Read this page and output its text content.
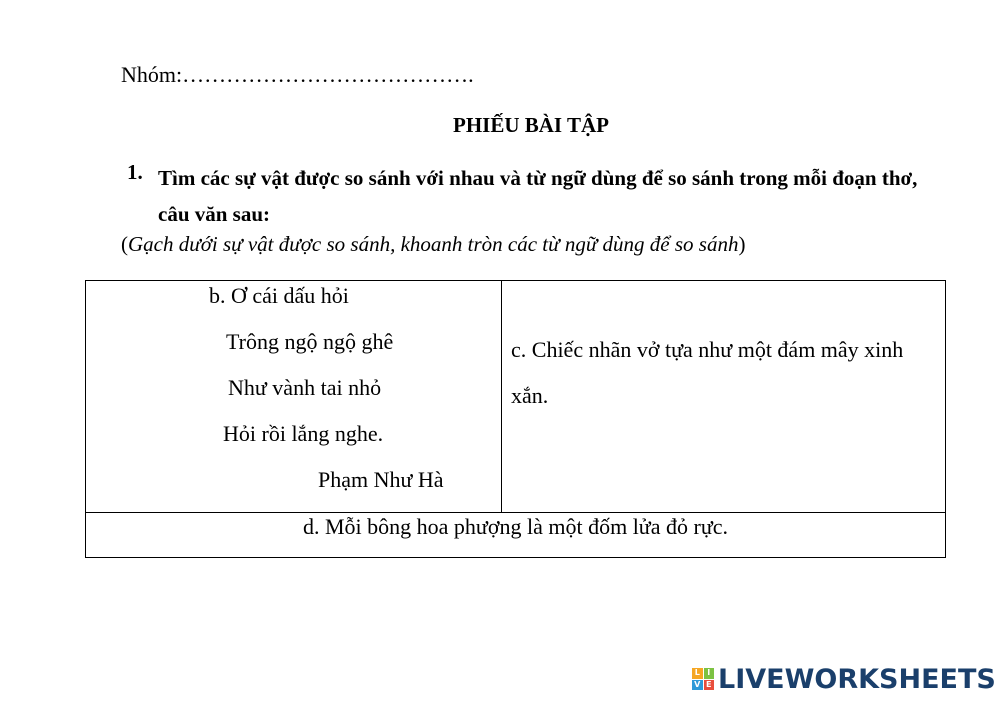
Nhóm:………………………………….
PHIẾU BÀI TẬP
1. Tìm các sự vật được so sánh với nhau và từ ngữ dùng để so sánh trong mỗi đoạn thơ, câu văn sau:
(Gạch dưới sự vật được so sánh, khoanh tròn các từ ngữ dùng để so sánh)
b. Ơ cái dấu hỏi
Trông ngộ ngộ ghê
Như vành tai nhỏ
Hỏi rồi lắng nghe.
Phạm Như Hà
c. Chiếc nhãn vở tựa như một đám mây xinh xắn.
d. Mỗi bông hoa phượng là một đốm lửa đỏ rực.
L I
V E LIVEWORKSHEETS
